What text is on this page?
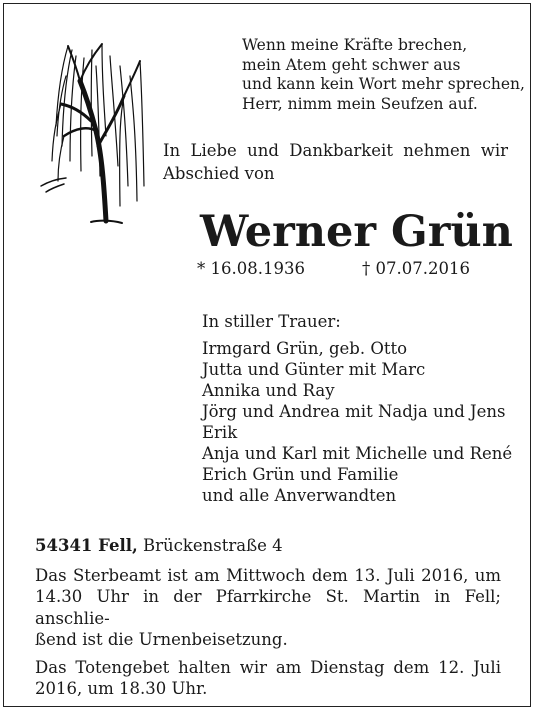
Wenn meine Kräfte brechen,
mein Atem geht schwer aus
und kann kein Wort mehr sprechen,
Herr, nimm mein Seufzen auf.
In Liebe und Dankbarkeit nehmen wir
Abschied von
Werner Grün
* 16.08.1936	† 07.07.2016
In stiller Trauer:
Irmgard Grün, geb. Otto
Jutta und Günter mit Marc
Annika und Ray
Jörg und Andrea mit Nadja und Jens
Erik
Anja und Karl mit Michelle und René
Erich Grün und Familie
und alle Anverwandten
54341 Fell, Brückenstraße 4
Das Sterbeamt ist am Mittwoch dem 13. Juli 2016, um
14.30 Uhr in der Pfarrkirche St. Martin in Fell; anschlie-
ßend ist die Urnenbeisetzung.
Das Totengebet halten wir am Dienstag dem 12. Juli
2016, um 18.30 Uhr.
